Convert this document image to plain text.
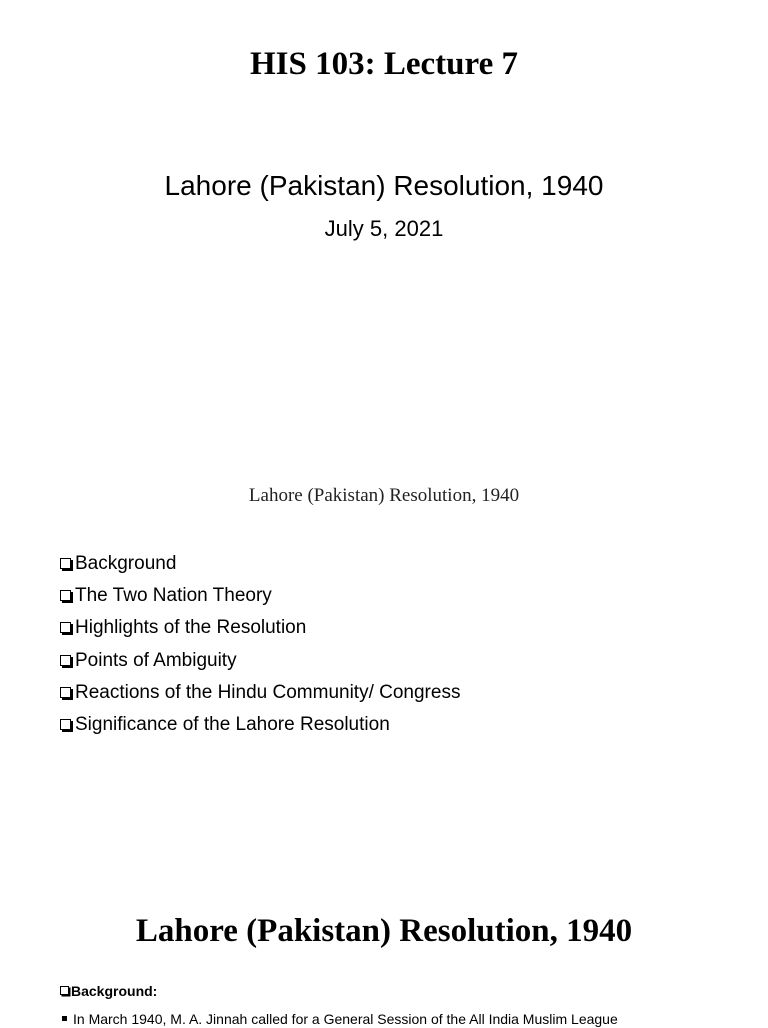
HIS 103: Lecture 7
Lahore (Pakistan) Resolution, 1940
July 5, 2021
Lahore (Pakistan) Resolution, 1940
Background
The Two Nation Theory
Highlights of the Resolution
Points of Ambiguity
Reactions of the Hindu Community/ Congress
Significance of the Lahore Resolution
Lahore (Pakistan) Resolution, 1940
Background:
In March 1940, M. A. Jinnah called for a General Session of the All India Muslim League
